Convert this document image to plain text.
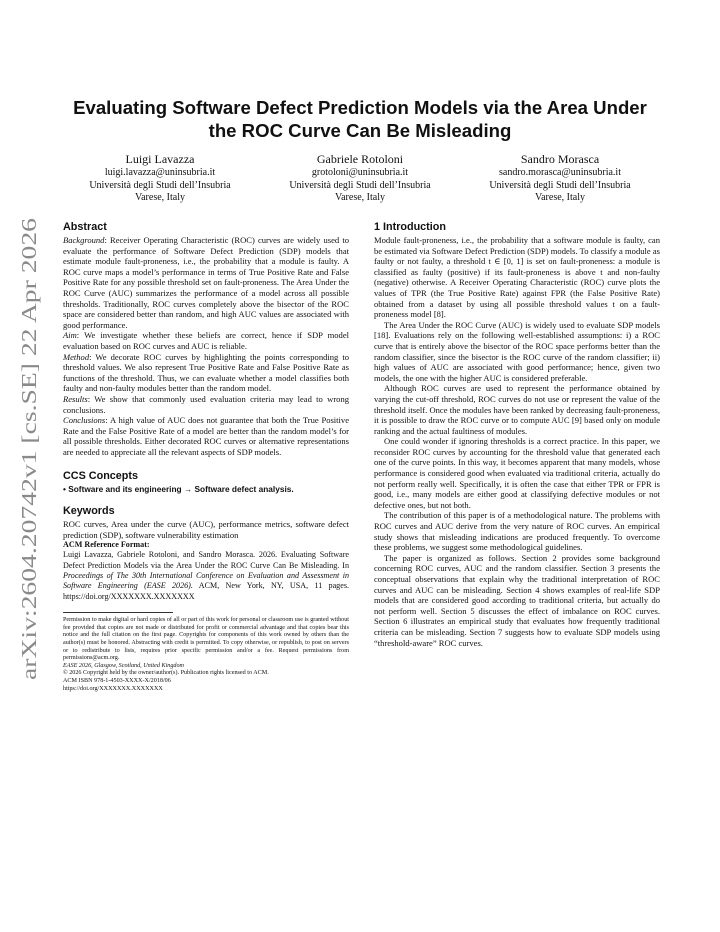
arXiv:2604.20742v1 [cs.SE] 22 Apr 2026
Evaluating Software Defect Prediction Models via the Area Under the ROC Curve Can Be Misleading
Luigi Lavazza
luigi.lavazza@uninsubria.it
Università degli Studi dell’Insubria
Varese, Italy
Gabriele Rotoloni
grotoloni@uninsubria.it
Università degli Studi dell’Insubria
Varese, Italy
Sandro Morasca
sandro.morasca@uninsubria.it
Università degli Studi dell’Insubria
Varese, Italy
Abstract

Background: Receiver Operating Characteristic (ROC) curves are widely used to evaluate the performance of Software Defect Prediction (SDP) models that estimate module fault-proneness, i.e., the probability that a module is faulty. A ROC curve maps a model’s performance in terms of True Positive Rate and False Positive Rate for any possible threshold set on fault-proneness. The Area Under the ROC Curve (AUC) summarizes the performance of a model across all possible thresholds. Traditionally, ROC curves completely above the bisector of the ROC space are considered better than random, and high AUC values are associated with good performance.
Aim: We investigate whether these beliefs are correct, hence if SDP model evaluation based on ROC curves and AUC is reliable.
Method: We decorate ROC curves by highlighting the points corresponding to threshold values. We also represent True Positive Rate and False Positive Rate as functions of the threshold. Thus, we can evaluate whether a model classifies both faulty and non-faulty modules better than the random model.
Results: We show that commonly used evaluation criteria may lead to wrong conclusions.
Conclusions: A high value of AUC does not guarantee that both the True Positive Rate and the False Positive Rate of a model are better than the random model’s for all possible thresholds. Either decorated ROC curves or alternative representations are needed to appreciate all the relevant aspects of SDP models.

CCS Concepts
• Software and its engineering → Software defect analysis.
Keywords

ROC curves, Area under the curve (AUC), performance metrics, software defect prediction (SDP), software vulnerability estimation

ACM Reference Format:

Luigi Lavazza, Gabriele Rotoloni, and Sandro Morasca. 2026. Evaluating Software Defect Prediction Models via the Area Under the ROC Curve Can Be Misleading. In Proceedings of The 30th International Conference on Evaluation and Assessment in Software Engineering (EASE 2026). ACM, New York, NY, USA, 11 pages. https://doi.org/XXXXXXX.XXXXXXX

Permission to make digital or hard copies of all or part of this work for personal or classroom use is granted without fee provided that copies are not made or distributed for profit or commercial advantage and that copies bear this notice and the full citation on the first page. Copyrights for components of this work owned by others than the author(s) must be honored. Abstracting with credit is permitted. To copy otherwise, or republish, to post on servers or to redistribute to lists, requires prior specific permission and/or a fee. Request permissions from permissions@acm.org.

EASE 2026, Glasgow, Scotland, United Kingdom

© 2026 Copyright held by the owner/author(s). Publication rights licensed to ACM.

ACM ISBN 978-1-4503-XXXX-X/2018/06

https://doi.org/XXXXXXX.XXXXXXX

1 Introduction

Module fault-proneness, i.e., the probability that a software module is faulty, can be estimated via Software Defect Prediction (SDP) models. To classify a module as faulty or not faulty, a threshold t ∈ [0, 1] is set on fault-proneness: a module is classified as faulty (positive) if its fault-proneness is above t and non-faulty (negative) otherwise. A Receiver Operating Characteristic (ROC) curve plots the values of TPR (the True Positive Rate) against FPR (the False Positive Rate) obtained from a dataset by using all possible threshold values t on a fault-proneness model [8].

The Area Under the ROC Curve (AUC) is widely used to evaluate SDP models [18]. Evaluations rely on the following well-established assumptions: i) a ROC curve that is entirely above the bisector of the ROC space performs better than the random classifier, since the bisector is the ROC curve of the random classifier; ii) high values of AUC are associated with good performance; hence, given two models, the one with the higher AUC is considered preferable.

Although ROC curves are used to represent the performance obtained by varying the cut-off threshold, ROC curves do not use or represent the value of the threshold itself. Once the modules have been ranked by decreasing fault-proneness, it is possible to draw the ROC curve or to compute AUC [9] based only on module ranking and the actual faultiness of modules.

One could wonder if ignoring thresholds is a correct practice. In this paper, we reconsider ROC curves by accounting for the threshold value that generated each one of the curve points. In this way, it becomes apparent that many models, whose performance is considered good when evaluated via traditional criteria, actually do not perform really well. Specifically, it is often the case that either TPR or FPR is good, i.e., many models are either good at classifying defective modules or not defective ones, but not both.

The contribution of this paper is of a methodological nature. The problems with ROC curves and AUC derive from the very nature of ROC curves. An empirical study shows that misleading indications are produced frequently. To overcome these problems, we suggest some methodological guidelines.

The paper is organized as follows. Section 2 provides some background concerning ROC curves, AUC and the random classifier. Section 3 presents the conceptual observations that explain why the traditional interpretation of ROC curves and AUC can be misleading. Section 4 shows examples of real-life SDP models that are considered good according to traditional criteria, but actually do not perform well. Section 5 discusses the effect of imbalance on ROC curves. Section 6 illustrates an empirical study that evaluates how frequently traditional criteria can be misleading. Section 7 suggests how to evaluate SDP models using “threshold-aware” ROC curves.
